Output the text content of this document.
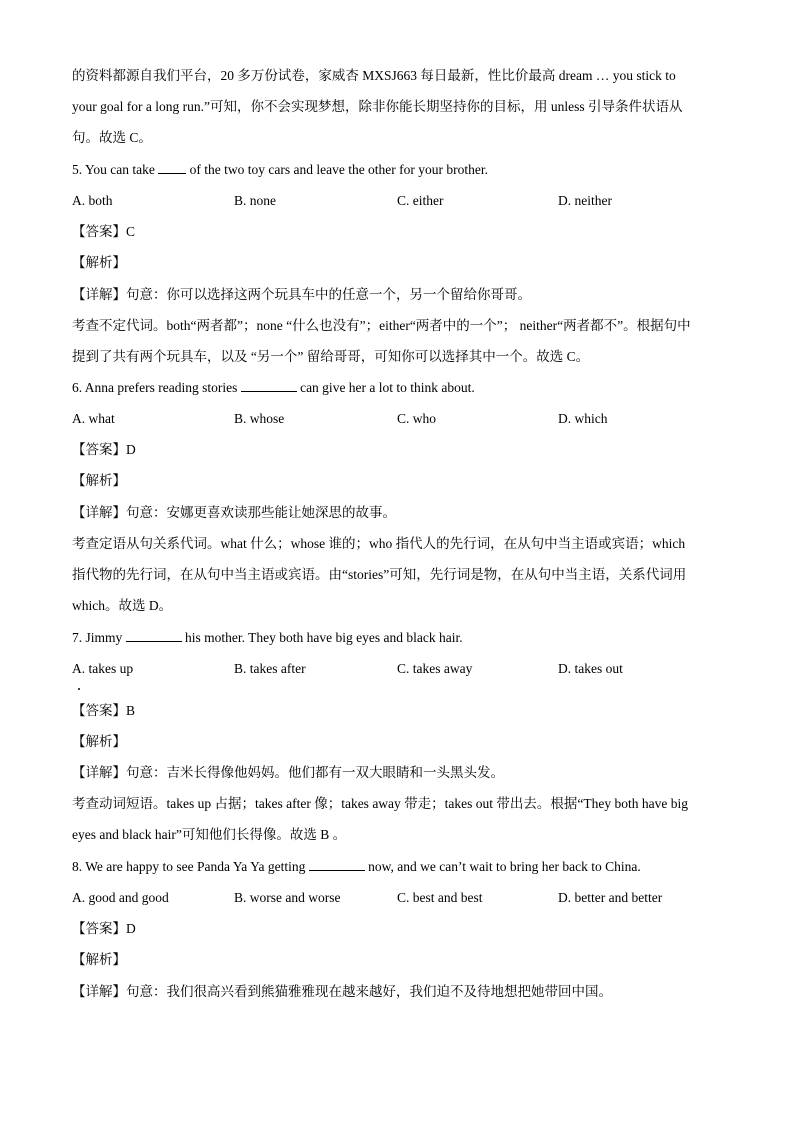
的资料都源自我们平台，20 多万份试卷，家威杏 MXSJ663 每日最新，性比价最高 dream … you stick to
your goal for a long run.”可知，你不会实现梦想，除非你能长期坚持你的目标，用 unless 引导条件状语从
句。故选 C。
5. You can take  of the two toy cars and leave the other for your brother.
A. both	B. none	C. either	D. neither
【答案】C
【解析】
【详解】句意：你可以选择这两个玩具车中的任意一个，另一个留给你哥哥。
考查不定代词。both“两者都”；none “什么也没有”；either“两者中的一个”； neither“两者都不”。根据句中
提到了共有两个玩具车，以及 “另一个” 留给哥哥，可知你可以选择其中一个。故选 C。
6. Anna prefers reading stories	can give her a lot to think about.
A. what	B. whose	C. who	D. which
【答案】D
【解析】
【详解】句意：安娜更喜欢读那些能让她深思的故事。
考查定语从句关系代词。what 什么；whose 谁的；who 指代人的先行词，在从句中当主语或宾语；which
指代物的先行词，在从句中当主语或宾语。由“stories”可知，先行词是物，在从句中当主语，关系代词用
which。故选 D。
7. Jimmy	his mother. They both have big eyes and black hair.
A. takes up	B. takes after	C. takes away	D. takes out
【答案】B
【解析】
【详解】句意：吉米长得像他妈妈。他们都有一双大眼睛和一头黑头发。
考查动词短语。takes up 占据；takes after 像；takes away 带走；takes out 带出去。根据“They both have big
eyes and black hair”可知他们长得像。故选 B 。
8. We are happy to see Panda Ya Ya getting	now, and we can’t wait to bring her back to China.
A. good and good	B. worse and worse	C. best and best	D. better and better
【答案】D
【解析】
【详解】句意：我们很高兴看到熊猫雅雅现在越来越好，我们迫不及待地想把她带回中国。
